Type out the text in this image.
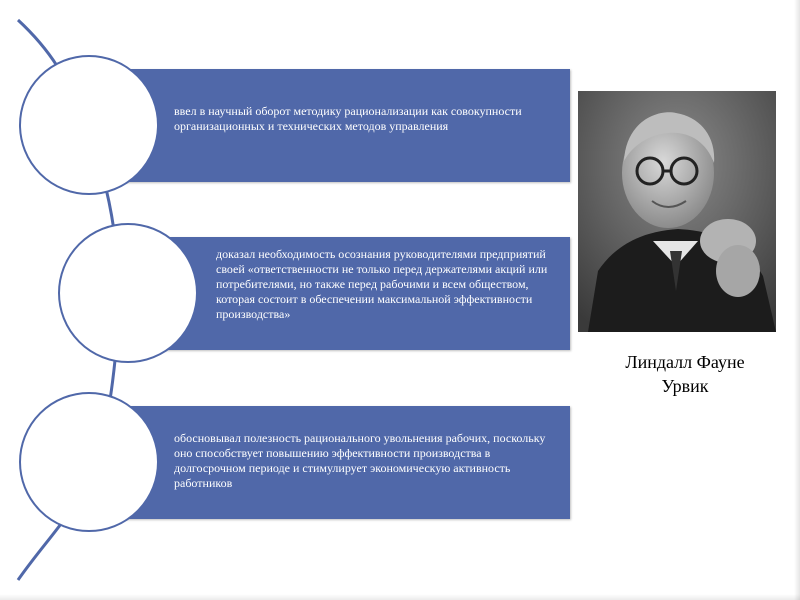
ввел в научный оборот методику рационализации как совокупности организационных и технических методов управления
доказал необходимость осознания руководителями предприятий своей «ответственности не только перед держателями акций или потребителями, но также перед рабочими и всем обществом, которая состоит в обеспечении максимальной эффективности производства»
обосновывал полезность рационального увольнения рабочих, поскольку оно способствует повышению эффективности производства в долгосрочном периоде и стимулирует экономическую активность работников
Линдалл Фауне
Урвик
